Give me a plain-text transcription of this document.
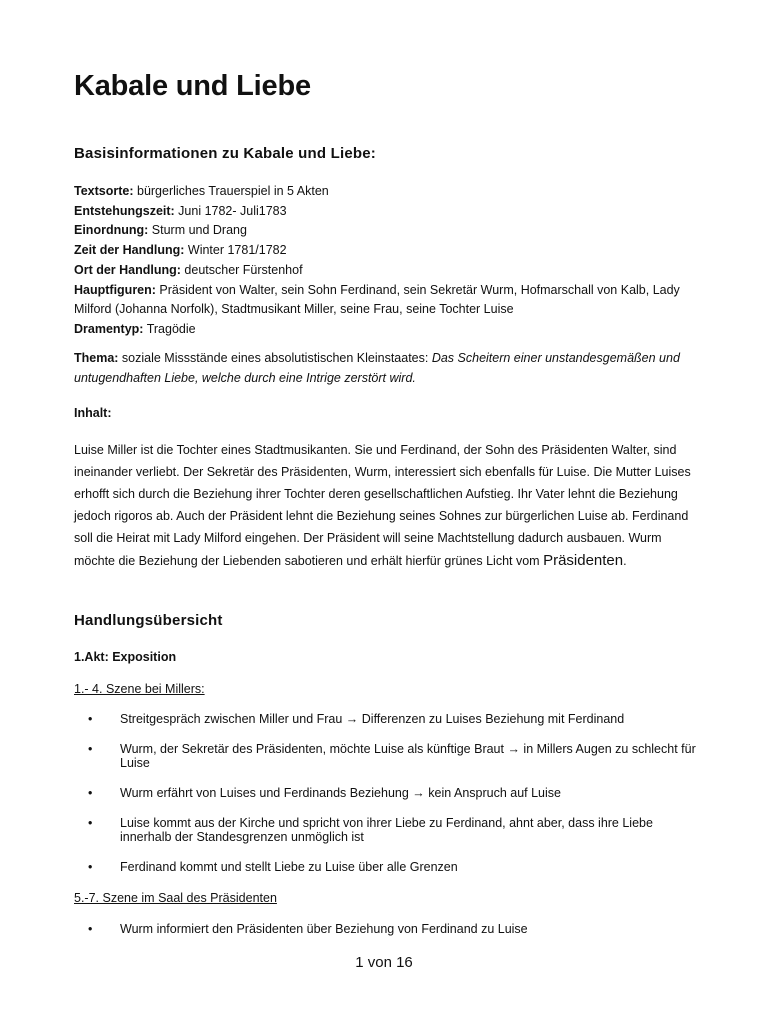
Kabale und Liebe
Basisinformationen zu Kabale und Liebe:
Textsorte: bürgerliches Trauerspiel in 5 Akten
Entstehungszeit: Juni 1782- Juli1783
Einordnung: Sturm und Drang
Zeit der Handlung: Winter 1781/1782
Ort der Handlung: deutscher Fürstenhof
Hauptfiguren: Präsident von Walter, sein Sohn Ferdinand, sein Sekretär Wurm, Hofmarschall von Kalb, Lady Milford (Johanna Norfolk), Stadtmusikant Miller, seine Frau, seine Tochter Luise
Dramentyp: Tragödie
Thema: soziale Missstände eines absolutistischen Kleinstaates: Das Scheitern einer unstandesgemäßen und untugendhaften Liebe, welche durch eine Intrige zerstört wird.
Inhalt:
Luise Miller ist die Tochter eines Stadtmusikanten. Sie und Ferdinand, der Sohn des Präsidenten Walter, sind ineinander verliebt. Der Sekretär des Präsidenten, Wurm, interessiert sich ebenfalls für Luise. Die Mutter Luises erhofft sich durch die Beziehung ihrer Tochter deren gesellschaftlichen Aufstieg. Ihr Vater lehnt die Beziehung jedoch rigoros ab. Auch der Präsident lehnt die Beziehung seines Sohnes zur bürgerlichen Luise ab. Ferdinand soll die Heirat mit Lady Milford eingehen. Der Präsident will seine Machtstellung dadurch ausbauen. Wurm möchte die Beziehung der Liebenden sabotieren und erhält hierfür grünes Licht vom Präsidenten.
Handlungsübersicht
1.Akt: Exposition
1.- 4. Szene bei Millers:
• Streitgespräch zwischen Miller und Frau → Differenzen zu Luises Beziehung mit Ferdinand
• Wurm, der Sekretär des Präsidenten, möchte Luise als künftige Braut → in Millers Augen zu schlecht für Luise
• Wurm erfährt von Luises und Ferdinands Beziehung → kein Anspruch auf Luise
• Luise kommt aus der Kirche und spricht von ihrer Liebe zu Ferdinand, ahnt aber, dass ihre Liebe innerhalb der Standesgrenzen unmöglich ist
• Ferdinand kommt und stellt Liebe zu Luise über alle Grenzen
5.-7. Szene im Saal des Präsidenten
• Wurm informiert den Präsidenten über Beziehung von Ferdinand zu Luise
1 von 16
